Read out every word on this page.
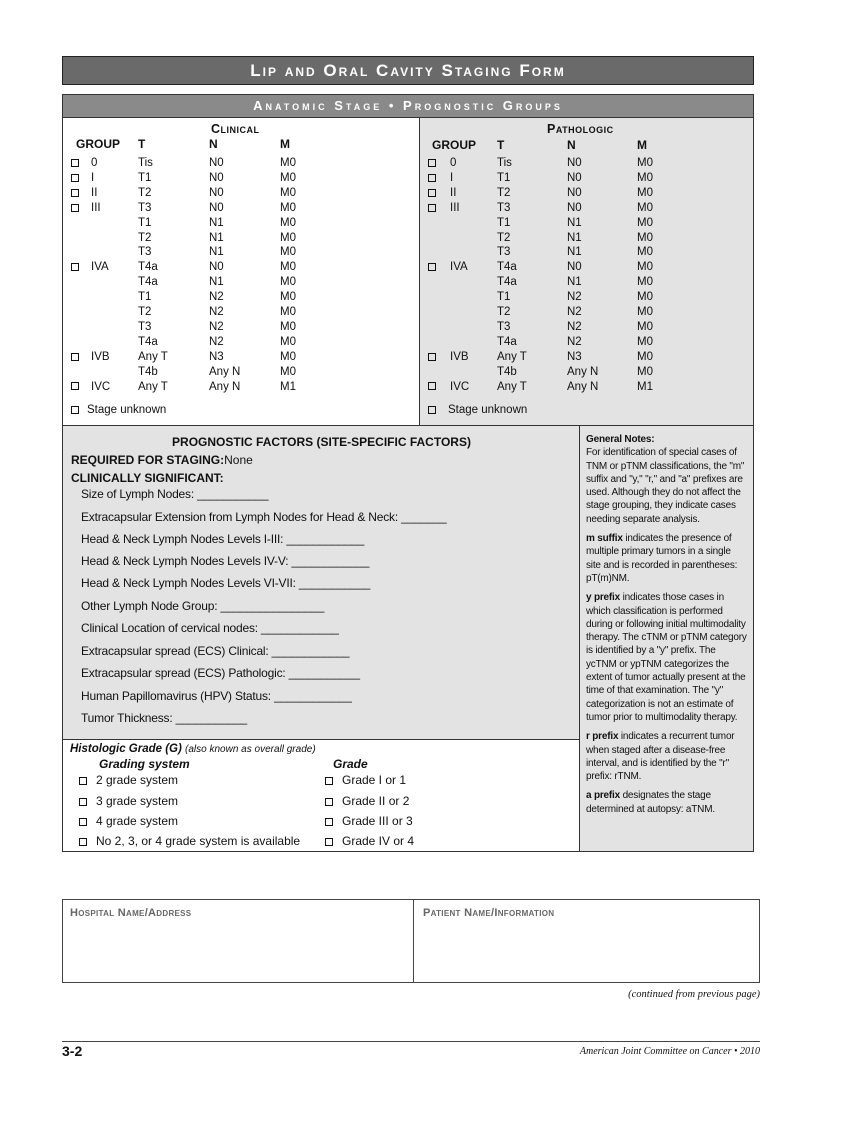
Lip and Oral Cavity Staging Form
Anatomic Stage • Prognostic Groups
Clinical
GROUP T	N	M
0	Tis	N0	M0
I	T1	N0	M0
II	T2	N0	M0
III	T3	N0	M0
T1	N1	M0
T2	N1	M0
T3	N1	M0
IVA	T4a	N0	M0
T4a	N1	M0
T1	N2	M0
T2	N2	M0
T3	N2	M0
T4a	N2	M0
IVB Any T	N3	M0
T4b	Any N	M0
IVC Any T	Any N	M1
Stage unknown
Pathologic
GROUP T	N	M
0	Tis	N0	M0
I	T1	N0	M0
II	T2	N0	M0
III	T3	N0	M0
T1	N1	M0
T2	N1	M0
T3	N1	M0
IVA	T4a	N0	M0
T4a	N1	M0
T1	N2	M0
T2	N2	M0
T3	N2	M0
T4a	N2	M0
IVB Any T	N3	M0
T4b	Any N	M0
IVC Any T	Any N	M1
Stage unknown
PROGNOSTIC FACTORS (SITE-SPECIFIC FACTORS)
REQUIRED FOR STAGING:None
CLINICALLY SIGNIFICANT:
Size of Lymph Nodes: ___________
Extracapsular Extension from Lymph Nodes for Head & Neck: _______
Head & Neck Lymph Nodes Levels I-III: ____________
Head & Neck Lymph Nodes Levels IV-V: ____________
Head & Neck Lymph Nodes Levels VI-VII: ___________
Other Lymph Node Group: ________________
Clinical Location of cervical nodes: ____________
Extracapsular spread (ECS) Clinical: ____________
Extracapsular spread (ECS) Pathologic: ___________
Human Papillomavirus (HPV) Status: ____________
Tumor Thickness: ___________
Histologic Grade (G) (also known as overall grade)
Grading system	Grade
2 grade system	Grade I or 1
3 grade system	Grade II or 2
4 grade system	Grade III or 3
No 2, 3, or 4 grade system is available	Grade IV or 4

General Notes:
For identification of special cases of TNM or pTNM classifications, the "m" suffix and "y," "r," and "a" prefixes are used. Although they do not affect the stage grouping, they indicate cases needing separate analysis.

m suffix indicates the presence of multiple primary tumors in a single site and is recorded in parentheses: pT(m)NM.

y prefix indicates those cases in which classification is performed during or following initial multimodality therapy. The cTNM or pTNM category is identified by a "y" prefix. The ycTNM or ypTNM categorizes the extent of tumor actually present at the time of that examination. The "y" categorization is not an estimate of tumor prior to multimodality therapy.

r prefix indicates a recurrent tumor when staged after a disease-free interval, and is identified by the "r" prefix: rTNM.

a prefix designates the stage determined at autopsy: aTNM.

Hospital Name/Address	Patient Name/Information
(continued from previous page)
3-2	American Joint Committee on Cancer • 2010
